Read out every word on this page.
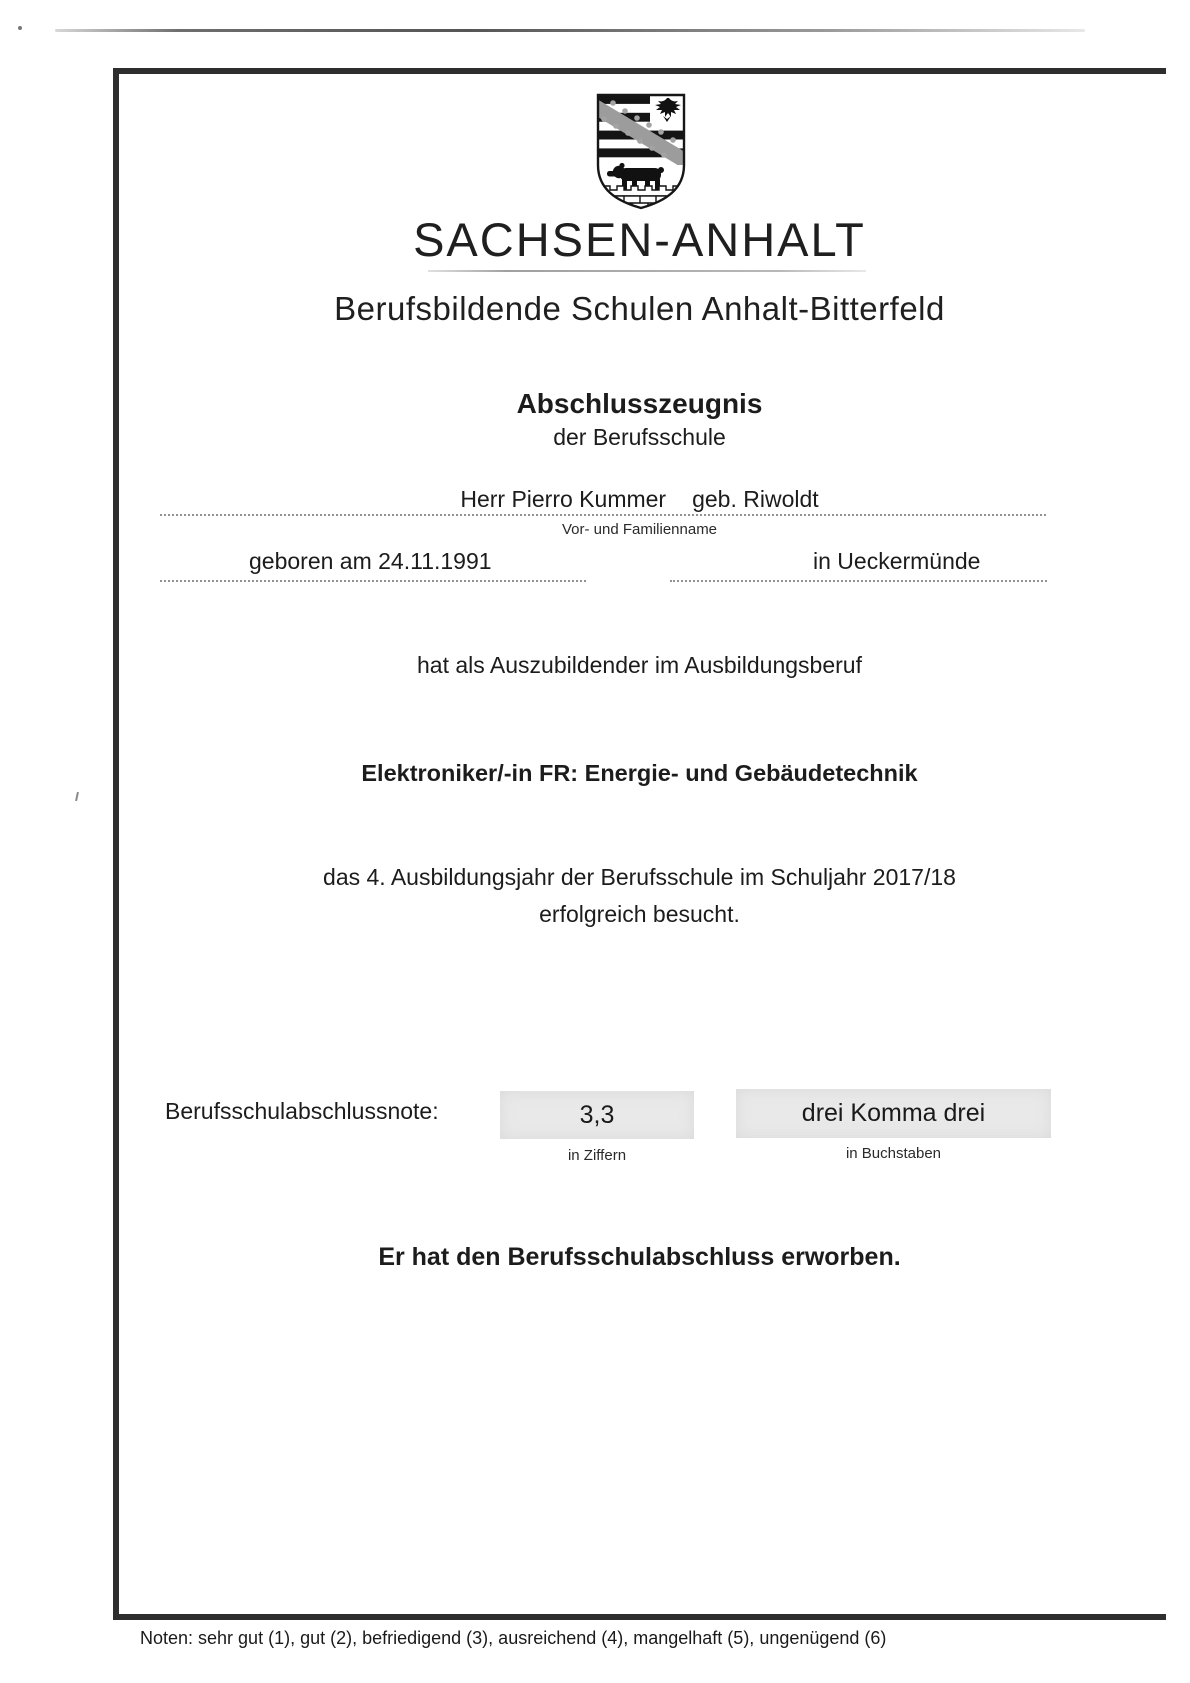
SACHSEN-ANHALT
Berufsbildende Schulen Anhalt-Bitterfeld
Abschlusszeugnis
der Berufsschule
Herr Pierro Kummer geb. Riwoldt
Vor- und Familienname
geboren am 24.11.1991	in Ueckermünde
hat als Auszubildender im Ausbildungsberuf
Elektroniker/-in FR: Energie- und Gebäudetechnik
das 4. Ausbildungsjahr der Berufsschule im Schuljahr 2017/18
erfolgreich besucht.
Berufsschulabschlussnote:	3,3
in Ziffern
drei Komma drei
in Buchstaben
Er hat den Berufsschulabschluss erworben.
Noten: sehr gut (1), gut (2), befriedigend (3), ausreichend (4), mangelhaft (5), ungenügend (6)
